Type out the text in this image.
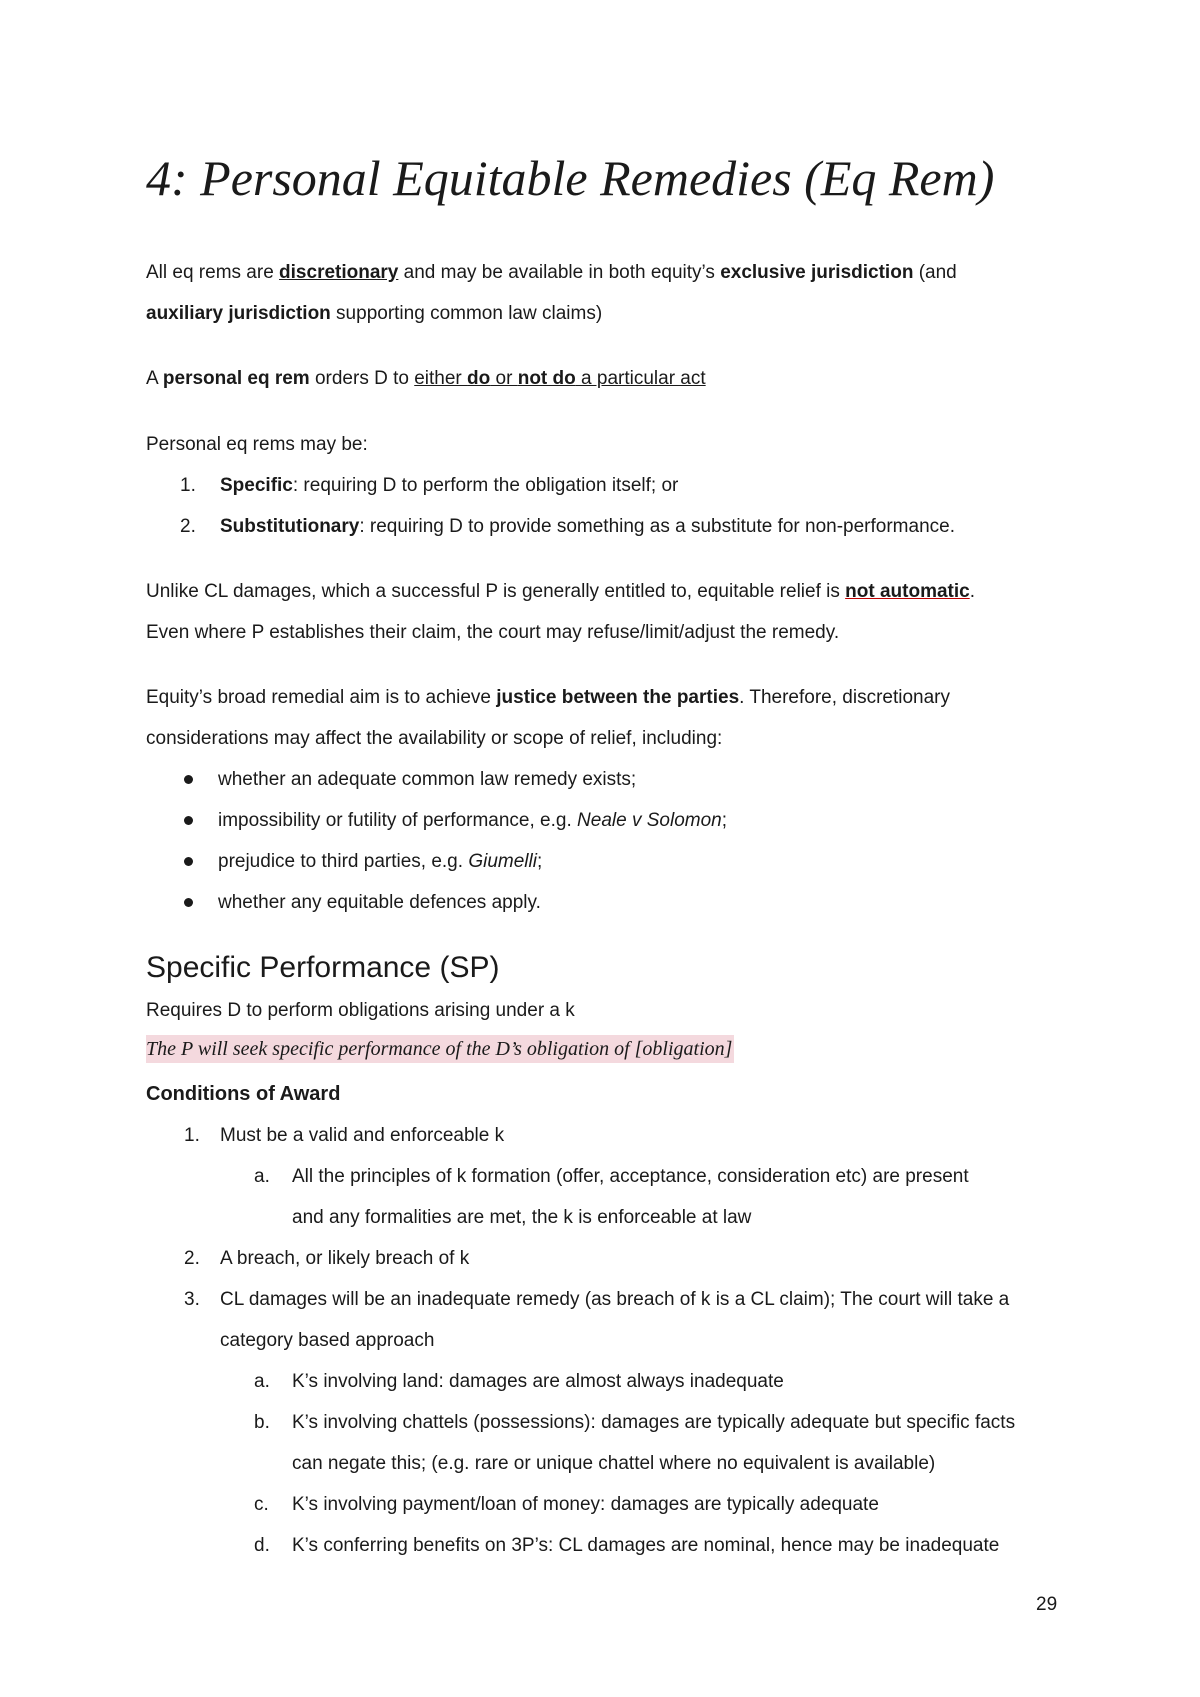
4: Personal Equitable Remedies (Eq Rem)

All eq rems are discretionary and may be available in both equity’s exclusive jurisdiction (and

auxiliary jurisdiction supporting common law claims)

A personal eq rem orders D to either do or not do a particular act

Personal eq rems may be:

1. Specific: requiring D to perform the obligation itself; or
2. Substitutionary: requiring D to provide something as a substitute for non-performance.

Unlike CL damages, which a successful P is generally entitled to, equitable relief is not automatic.

Even where P establishes their claim, the court may refuse/limit/adjust the remedy.

Equity’s broad remedial aim is to achieve justice between the parties. Therefore, discretionary

considerations may affect the availability or scope of relief, including:

whether an adequate common law remedy exists;
impossibility or futility of performance, e.g. Neale v Solomon;
prejudice to third parties, e.g. Giumelli;
whether any equitable defences apply.
Specific Performance (SP)

Requires D to perform obligations arising under a k

The P will seek specific performance of the D’s obligation of [obligation]
Conditions of Award
1. Must be a valid and enforceable k
a. All the principles of k formation (offer, acceptance, consideration etc) are present
and any formalities are met, the k is enforceable at law
2. A breach, or likely breach of k
3. CL damages will be an inadequate remedy (as breach of k is a CL claim); The court will take a
category based approach
a. K’s involving land: damages are almost always inadequate
b. K’s involving chattels (possessions): damages are typically adequate but specific facts
can negate this; (e.g. rare or unique chattel where no equivalent is available)
c. K’s involving payment/loan of money: damages are typically adequate
d. K’s conferring benefits on 3P’s: CL damages are nominal, hence may be inadequate
29
